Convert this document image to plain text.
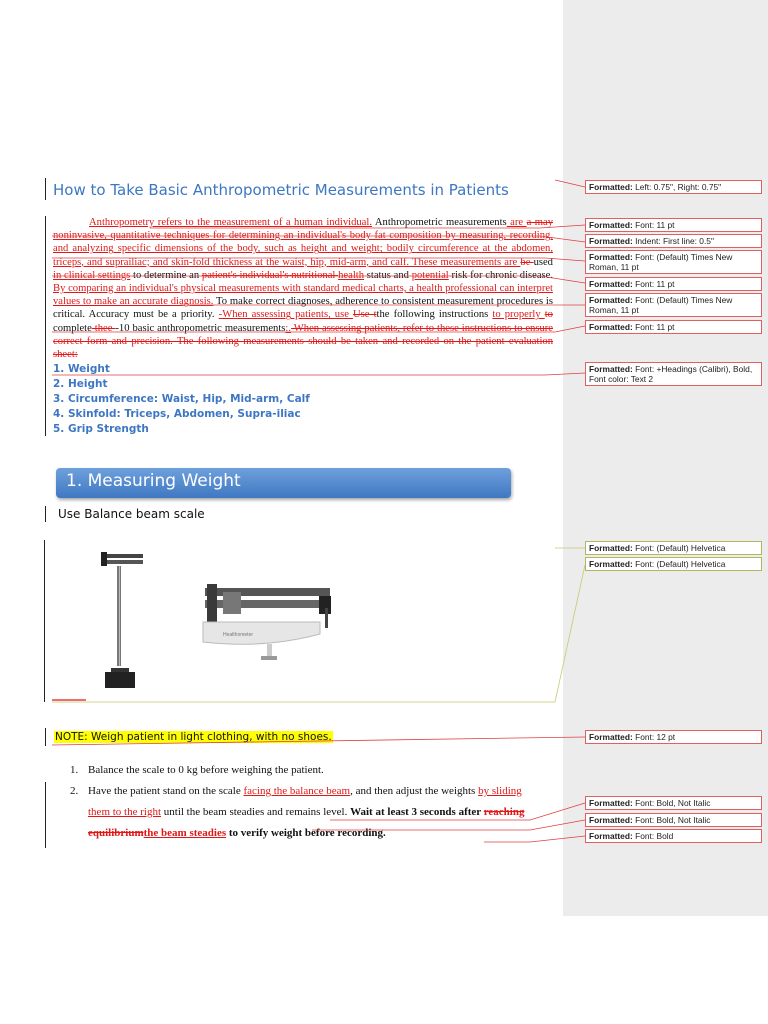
How to Take Basic Anthropometric Measurements in Patients
Anthropometry refers to the measurement of a human individual. Anthropometric measurements are a may noninvasive, quantitative techniques for determining an individual's body fat composition by measuring, recording, and analyzing specific dimensions of the body, such as height and weight; bodily circumference at the abdomen, triceps, and suprailiac; and skin-fold thickness at the waist, hip, mid-arm, and calf. These measurements are be used in clinical settings to determine an patient's individual's nutritional health status and potential risk for chronic disease. By comparing an individual's physical measurements with standard medical charts, a health professional can interpret values to make an accurate diagnosis. To make correct diagnoses, adherence to consistent measurement procedures is critical. Accuracy must be a priority. -When assessing patients, use Use tthe following instructions to properly to complete thee -10 basic anthropometric measurements:. When assessing patients, refer to these instructions to ensure correct form and precision. The following measurements should be taken and recorded on the patient evaluation sheet:
1. Weight
2. Height
3. Circumference: Waist, Hip, Mid-arm, Calf
4. Skinfold: Triceps, Abdomen, Supra-iliac
5. Grip Strength
1. Measuring Weight
Use Balance beam scale
Healthometer
NOTE: Weigh patient in light clothing, with no shoes.
1. Balance the scale to 0 kg before weighing the patient.
2. Have the patient stand on the scale facing the balance beam, and then adjust the weights by sliding them to the right until the beam steadies and remains level. Wait at least 3 seconds after reaching equilibriumthe beam steadies to verify weight before recording.
Formatted: Left: 0.75", Right: 0.75"
Formatted: Font: 11 pt
Formatted: Indent: First line: 0.5"
Formatted: Font: (Default) Times New Roman, 11 pt
Formatted: Font: 11 pt
Formatted: Font: (Default) Times New Roman, 11 pt
Formatted: Font: 11 pt
Formatted: Font: +Headings (Calibri), Bold, Font color: Text 2
Formatted: Font: (Default) Helvetica
Formatted: Font: (Default) Helvetica
Formatted: Font: 12 pt
Formatted: Font: Bold, Not Italic
Formatted: Font: Bold, Not Italic
Formatted: Font: Bold
